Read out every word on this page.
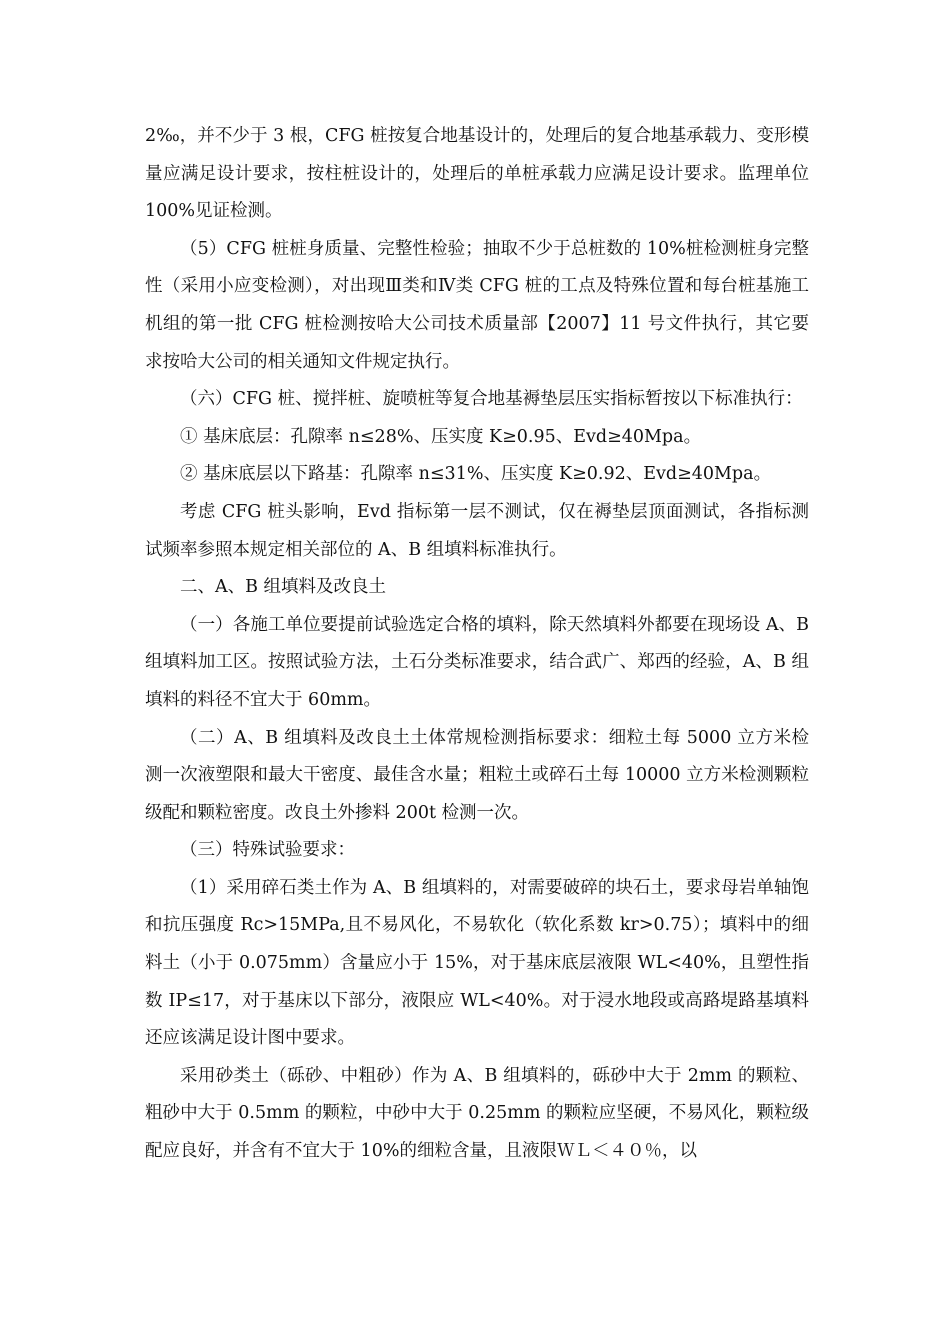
2‰，并不少于 3 根，CFG 桩按复合地基设计的，处理后的复合地基承载力、变形模量应满足设计要求，按柱桩设计的，处理后的单桩承载力应满足设计要求。监理单位 100%见证检测。

（5）CFG 桩桩身质量、完整性检验；抽取不少于总桩数的 10%桩检测桩身完整性（采用小应变检测），对出现Ⅲ类和Ⅳ类 CFG 桩的工点及特殊位置和每台桩基施工机组的第一批 CFG 桩检测按哈大公司技术质量部【2007】11 号文件执行，其它要求按哈大公司的相关通知文件规定执行。

（六）CFG 桩、搅拌桩、旋喷桩等复合地基褥垫层压实指标暂按以下标准执行：

① 基床底层：孔隙率 n≤28%、压实度 K≥0.95、Evd≥40Mpa。

② 基床底层以下路基：孔隙率 n≤31%、压实度 K≥0.92、Evd≥40Mpa。

考虑 CFG 桩头影响，Evd 指标第一层不测试，仅在褥垫层顶面测试，各指标测试频率参照本规定相关部位的 A、B 组填料标准执行。

二、A、B 组填料及改良土

（一）各施工单位要提前试验选定合格的填料，除天然填料外都要在现场设 A、B 组填料加工区。按照试验方法，土石分类标准要求，结合武广、郑西的经验，A、B 组填料的料径不宜大于 60mm。

（二）A、B 组填料及改良土土体常规检测指标要求：细粒土每 5000 立方米检测一次液塑限和最大干密度、最佳含水量；粗粒土或碎石土每 10000 立方米检测颗粒级配和颗粒密度。改良土外掺料 200t 检测一次。

（三）特殊试验要求：

（1）采用碎石类土作为 A、B 组填料的，对需要破碎的块石土，要求母岩单轴饱和抗压强度 Rc>15MPa,且不易风化，不易软化（软化系数 kr>0.75）；填料中的细料土（小于 0.075mm）含量应小于 15%，对于基床底层液限 WL<40%，且塑性指数 IP≤17，对于基床以下部分，液限应 WL<40%。对于浸水地段或高路堤路基填料还应该满足设计图中要求。

采用砂类土（砾砂、中粗砂）作为 A、B 组填料的，砾砂中大于 2mm 的颗粒、粗砂中大于 0.5mm 的颗粒，中砂中大于 0.25mm 的颗粒应坚硬，不易风化，颗粒级配应良好，并含有不宜大于 10%的细粒含量，且液限ＷＬ＜４０％，以
